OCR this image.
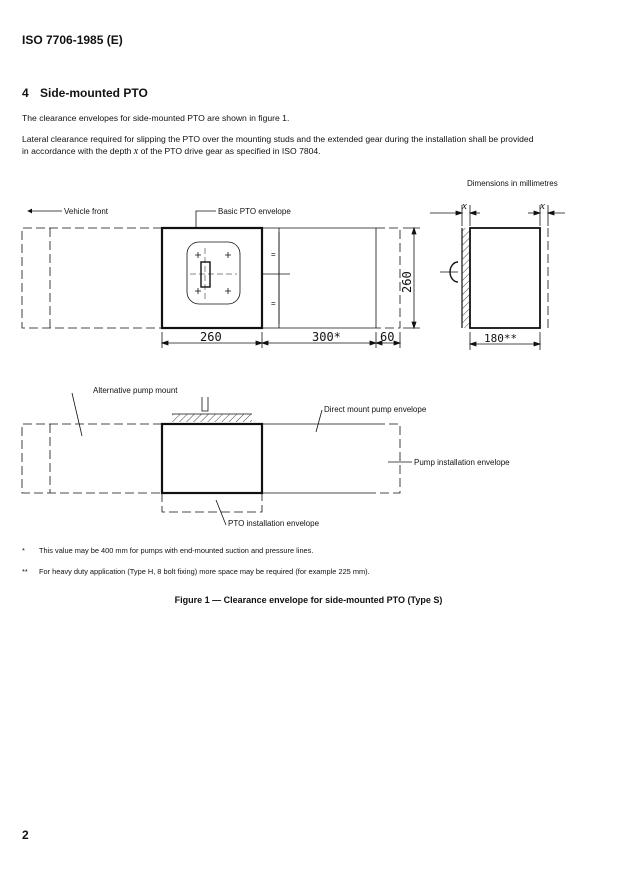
ISO 7706-1985 (E)
4 Side-mounted PTO
The clearance envelopes for side-mounted PTO are shown in figure 1.
Lateral clearance required for slipping the PTO over the mounting studs and the extended gear during the installation shall be provided
in accordance with the depth x of the PTO drive gear as specified in ISO 7804.
Dimensions in millimetres
Vehicle front	Basic PTO envelope
Alternative pump mount
Direct mount pump envelope
Pump installation envelope
PTO installation envelope
260	300*	60
260
180**
x	x
=
=
* This value may be 400 mm for pumps with end-mounted suction and pressure lines.
** For heavy duty application (Type H, 8 bolt fixing) more space may be required (for example 225 mm).
Figure 1 — Clearance envelope for side-mounted PTO (Type S)
2
